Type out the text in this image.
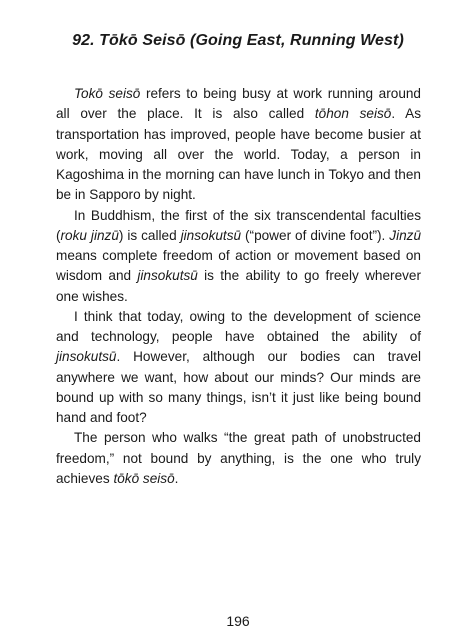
92. Tōkō Seisō (Going East, Running West)

Tokō seisō refers to being busy at work running around all over the place. It is also called tōhon seisō. As transportation has improved, people have become busier at work, moving all over the world. Today, a person in Kagoshima in the morning can have lunch in Tokyo and then be in Sapporo by night.

In Buddhism, the first of the six transcendental faculties (roku jinzū) is called jinsokutsū (“power of divine foot”). Jinzū means complete freedom of action or movement based on wisdom and jinsokutsū is the ability to go freely wherever one wishes.

I think that today, owing to the development of science and technology, people have obtained the ability of jinsokutsū. However, although our bodies can travel anywhere we want, how about our minds? Our minds are bound up with so many things, isn’t it just like being bound hand and foot?

The person who walks “the great path of unobstructed freedom,” not bound by anything, is the one who truly achieves tōkō seisō.

196
